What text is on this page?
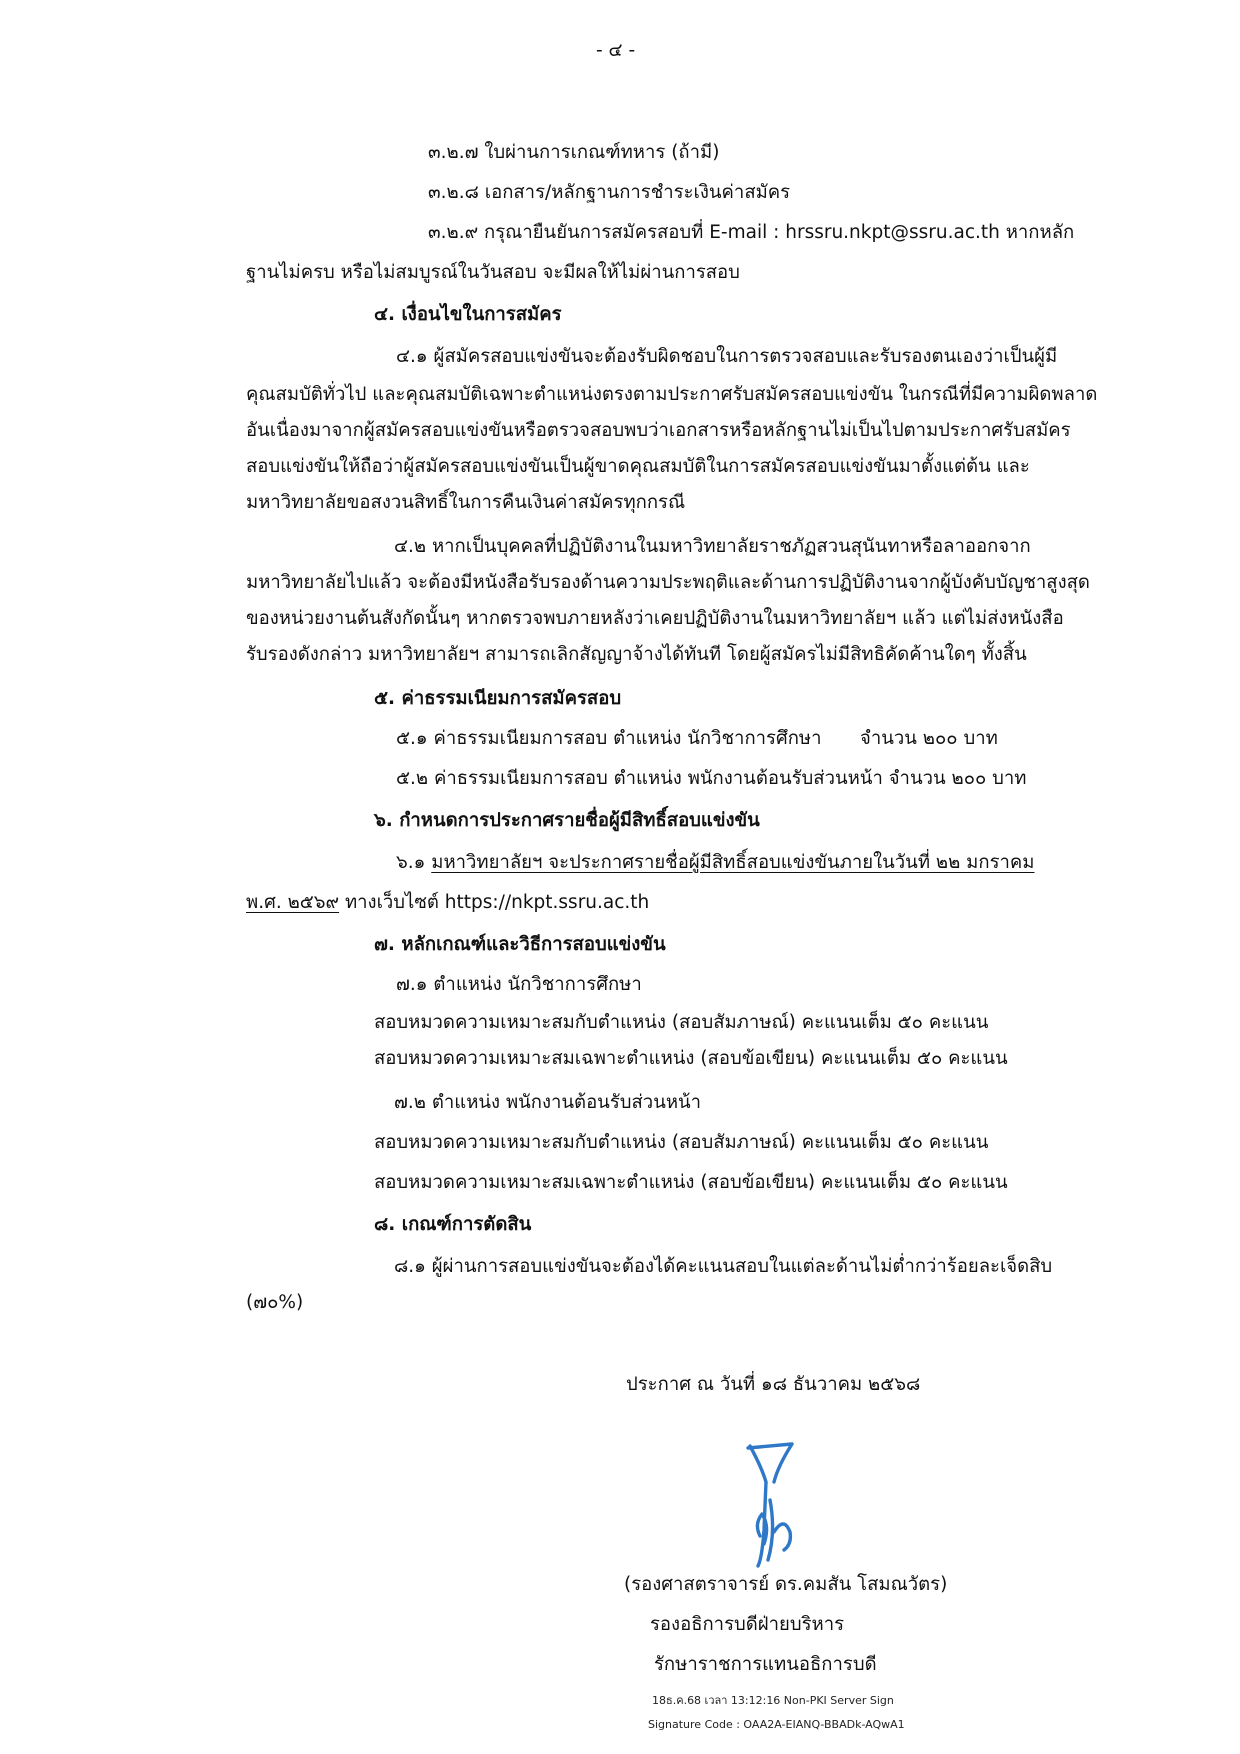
- ๔ -
๓.๒.๗ ใบผ่านการเกณฑ์ทหาร (ถ้ามี)
๓.๒.๘ เอกสาร/หลักฐานการชำระเงินค่าสมัคร
๓.๒.๙ กรุณายืนยันการสมัครสอบที่ E-mail : hrssru.nkpt@ssru.ac.th หากหลัก
ฐานไม่ครบ หรือไม่สมบูรณ์ในวันสอบ จะมีผลให้ไม่ผ่านการสอบ
๔. เงื่อนไขในการสมัคร
๔.๑ ผู้สมัครสอบแข่งขันจะต้องรับผิดชอบในการตรวจสอบและรับรองตนเองว่าเป็นผู้มี
คุณสมบัติทั่วไป และคุณสมบัติเฉพาะตำแหน่งตรงตามประกาศรับสมัครสอบแข่งขัน ในกรณีที่มีความผิดพลาด
อันเนื่องมาจากผู้สมัครสอบแข่งขันหรือตรวจสอบพบว่าเอกสารหรือหลักฐานไม่เป็นไปตามประกาศรับสมัคร
สอบแข่งขันให้ถือว่าผู้สมัครสอบแข่งขันเป็นผู้ขาดคุณสมบัติในการสมัครสอบแข่งขันมาตั้งแต่ต้น และ
มหาวิทยาลัยขอสงวนสิทธิ์ในการคืนเงินค่าสมัครทุกกรณี
๔.๒ หากเป็นบุคคลที่ปฏิบัติงานในมหาวิทยาลัยราชภัฏสวนสุนันทาหรือลาออกจาก
มหาวิทยาลัยไปแล้ว จะต้องมีหนังสือรับรองด้านความประพฤติและด้านการปฏิบัติงานจากผู้บังคับบัญชาสูงสุด
ของหน่วยงานต้นสังกัดนั้นๆ หากตรวจพบภายหลังว่าเคยปฏิบัติงานในมหาวิทยาลัยฯ แล้ว แต่ไม่ส่งหนังสือ
รับรองดังกล่าว มหาวิทยาลัยฯ สามารถเลิกสัญญาจ้างได้ทันที โดยผู้สมัครไม่มีสิทธิคัดค้านใดๆ ทั้งสิ้น
๕. ค่าธรรมเนียมการสมัครสอบ
๕.๑ ค่าธรรมเนียมการสอบ ตำแหน่ง นักวิชาการศึกษา จำนวน ๒๐๐ บาท
๕.๒ ค่าธรรมเนียมการสอบ ตำแหน่ง พนักงานต้อนรับส่วนหน้า จำนวน ๒๐๐ บาท
๖. กำหนดการประกาศรายชื่อผู้มีสิทธิ์สอบแข่งขัน
๖.๑ มหาวิทยาลัยฯ จะประกาศรายชื่อผู้มีสิทธิ์สอบแข่งขันภายในวันที่ ๒๒ มกราคม
พ.ศ. ๒๕๖๙ ทางเว็บไซต์ https://nkpt.ssru.ac.th
๗. หลักเกณฑ์และวิธีการสอบแข่งขัน
๗.๑ ตำแหน่ง นักวิชาการศึกษา
สอบหมวดความเหมาะสมกับตำแหน่ง (สอบสัมภาษณ์) คะแนนเต็ม ๕๐ คะแนน
สอบหมวดความเหมาะสมเฉพาะตำแหน่ง (สอบข้อเขียน) คะแนนเต็ม ๕๐ คะแนน
๗.๒ ตำแหน่ง พนักงานต้อนรับส่วนหน้า
สอบหมวดความเหมาะสมกับตำแหน่ง (สอบสัมภาษณ์) คะแนนเต็ม ๕๐ คะแนน
สอบหมวดความเหมาะสมเฉพาะตำแหน่ง (สอบข้อเขียน) คะแนนเต็ม ๕๐ คะแนน
๘. เกณฑ์การตัดสิน
๘.๑ ผู้ผ่านการสอบแข่งขันจะต้องได้คะแนนสอบในแต่ละด้านไม่ต่ำกว่าร้อยละเจ็ดสิบ
(๗๐%)
ประกาศ ณ วันที่ ๑๘ ธันวาคม ๒๕๖๘
(รองศาสตราจารย์ ดร.คมสัน โสมณวัตร)
รองอธิการบดีฝ่ายบริหาร
รักษาราชการแทนอธิการบดี
18ธ.ค.68 เวลา 13:12:16 Non-PKI Server Sign
Signature Code : OAA2A-EIANQ-BBADk-AQwA1
